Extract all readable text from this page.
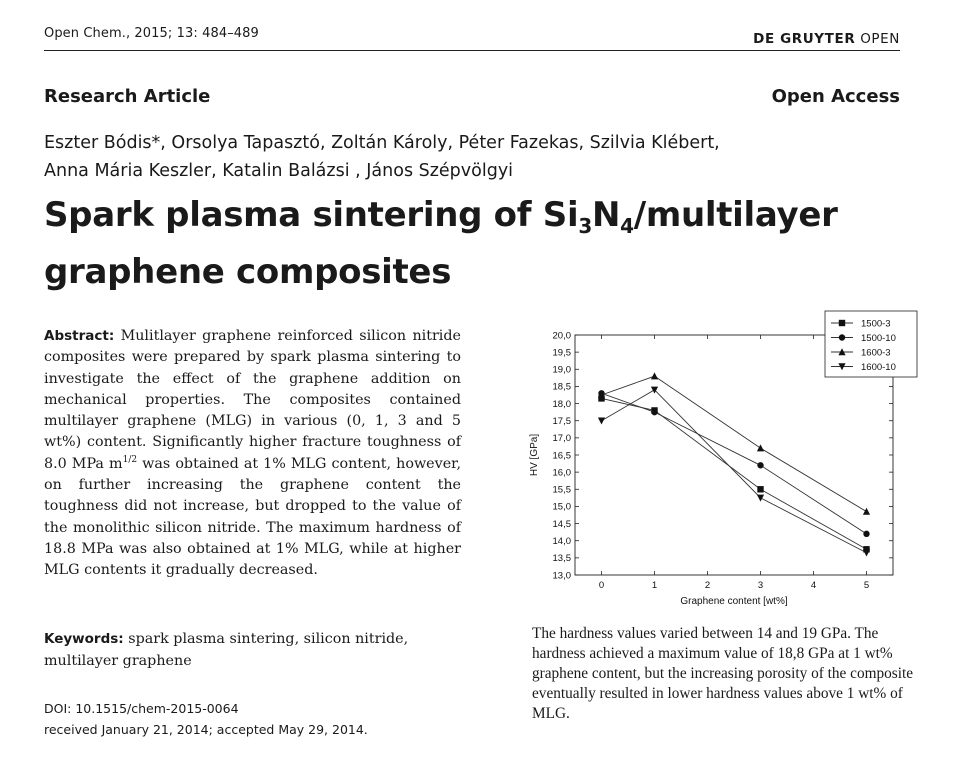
Open Chem., 2015; 13: 484–489	DE GRUYTER OPEN
Research Article	Open Access
Eszter Bódis*, Orsolya Tapasztó, Zoltán Károly, Péter Fazekas, Szilvia Klébert,
Anna Mária Keszler, Katalin Balázsi , János Szépvölgyi
Spark plasma sintering of $Si_3N_4$/multilayer
graphene composites
Abstract: Mulitlayer graphene reinforced silicon nitride composites were prepared by spark plasma sintering to investigate the effect of the graphene addition on mechanical properties. The composites contained multilayer graphene (MLG) in various (0, 1, 3 and 5 wt%) content. Significantly higher fracture toughness of 8.0 MPa $m^{1/2}$ was obtained at 1% MLG content, however, on further increasing the graphene content the toughness did not increase, but dropped to the value of the monolithic silicon nitride. The maximum hardness of 18.8 MPa was also obtained at 1% MLG, while at higher MLG contents it gradually decreased.
Keywords: spark plasma sintering, silicon nitride, multilayer graphene
DOI: 10.1515/chem-2015-0064
received January 21, 2014; accepted May 29, 2014.
13,0
13,5
14,0
14,5
15,0
15,5
16,0
16,5
17,0
17,5
18,0
18,5
19,0
19,5
20,0
0	1	2	3	4	5
Graphene content [wt%]
HV [GPa]
1500-3
1500-10
1600-3
1600-10
The hardness values varied between 14 and 19 GPa. The hardness achieved a maximum value of 18,8 GPa at 1 wt% graphene content, but the increasing porosity of the composite eventually resulted in lower hardness values above 1 wt% of MLG.
